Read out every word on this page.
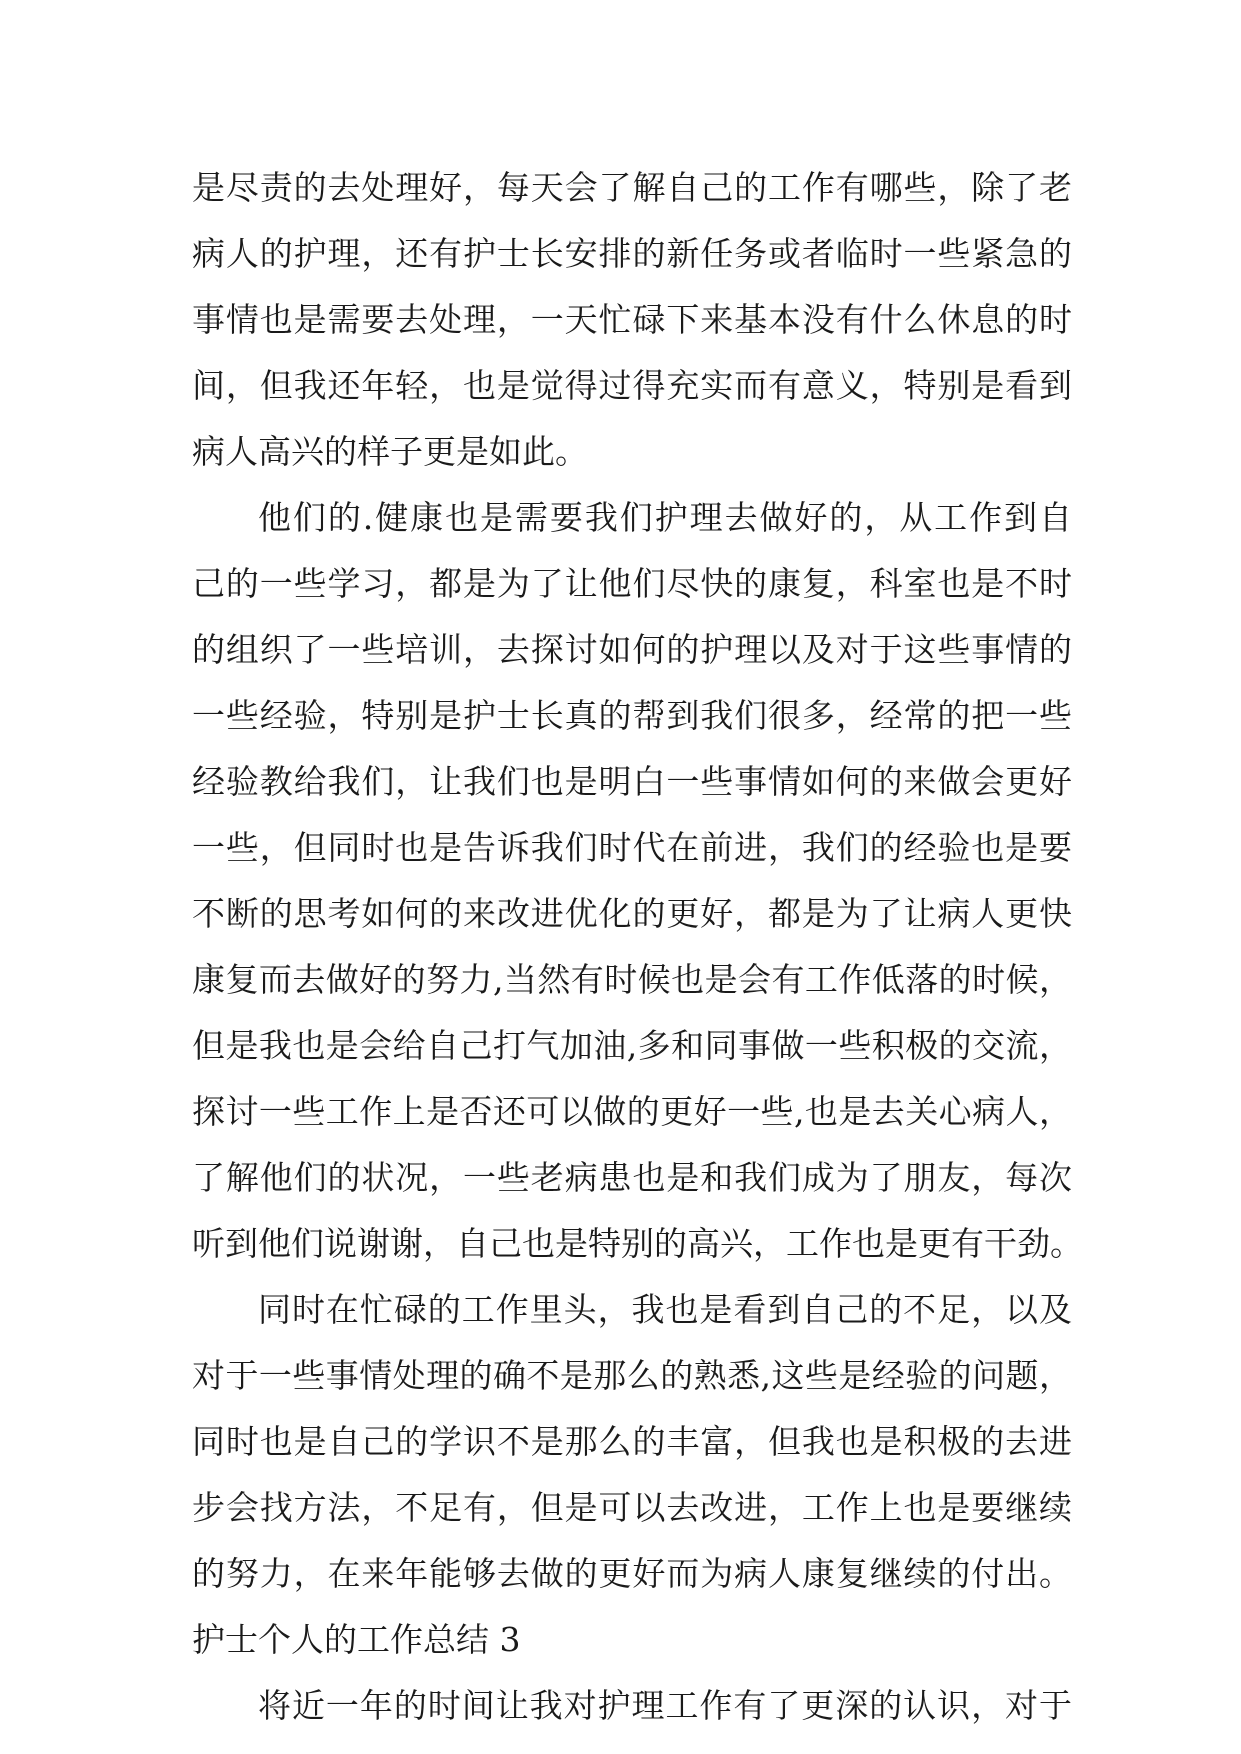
是尽责的去处理好，每天会了解自己的工作有哪些，除了老
病人的护理，还有护士长安排的新任务或者临时一些紧急的
事情也是需要去处理，一天忙碌下来基本没有什么休息的时
间，但我还年轻，也是觉得过得充实而有意义，特别是看到
病人高兴的样子更是如此。
他们的.健康也是需要我们护理去做好的，从工作到自
己的一些学习，都是为了让他们尽快的康复，科室也是不时
的组织了一些培训，去探讨如何的护理以及对于这些事情的
一些经验，特别是护士长真的帮到我们很多，经常的把一些
经验教给我们，让我们也是明白一些事情如何的来做会更好
一些，但同时也是告诉我们时代在前进，我们的经验也是要
不断的思考如何的来改进优化的更好，都是为了让病人更快
康复而去做好的努力,当然有时候也是会有工作低落的时候，
但是我也是会给自己打气加油,多和同事做一些积极的交流，
探讨一些工作上是否还可以做的更好一些,也是去关心病人，
了解他们的状况，一些老病患也是和我们成为了朋友，每次
听到他们说谢谢，自己也是特别的高兴，工作也是更有干劲。
同时在忙碌的工作里头，我也是看到自己的不足，以及
对于一些事情处理的确不是那么的熟悉,这些是经验的问题，
同时也是自己的学识不是那么的丰富，但我也是积极的去进
步会找方法，不足有，但是可以去改进，工作上也是要继续
的努力，在来年能够去做的更好而为病人康复继续的付出。
护士个人的工作总结 3
将近一年的时间让我对护理工作有了更深的认识，对于
